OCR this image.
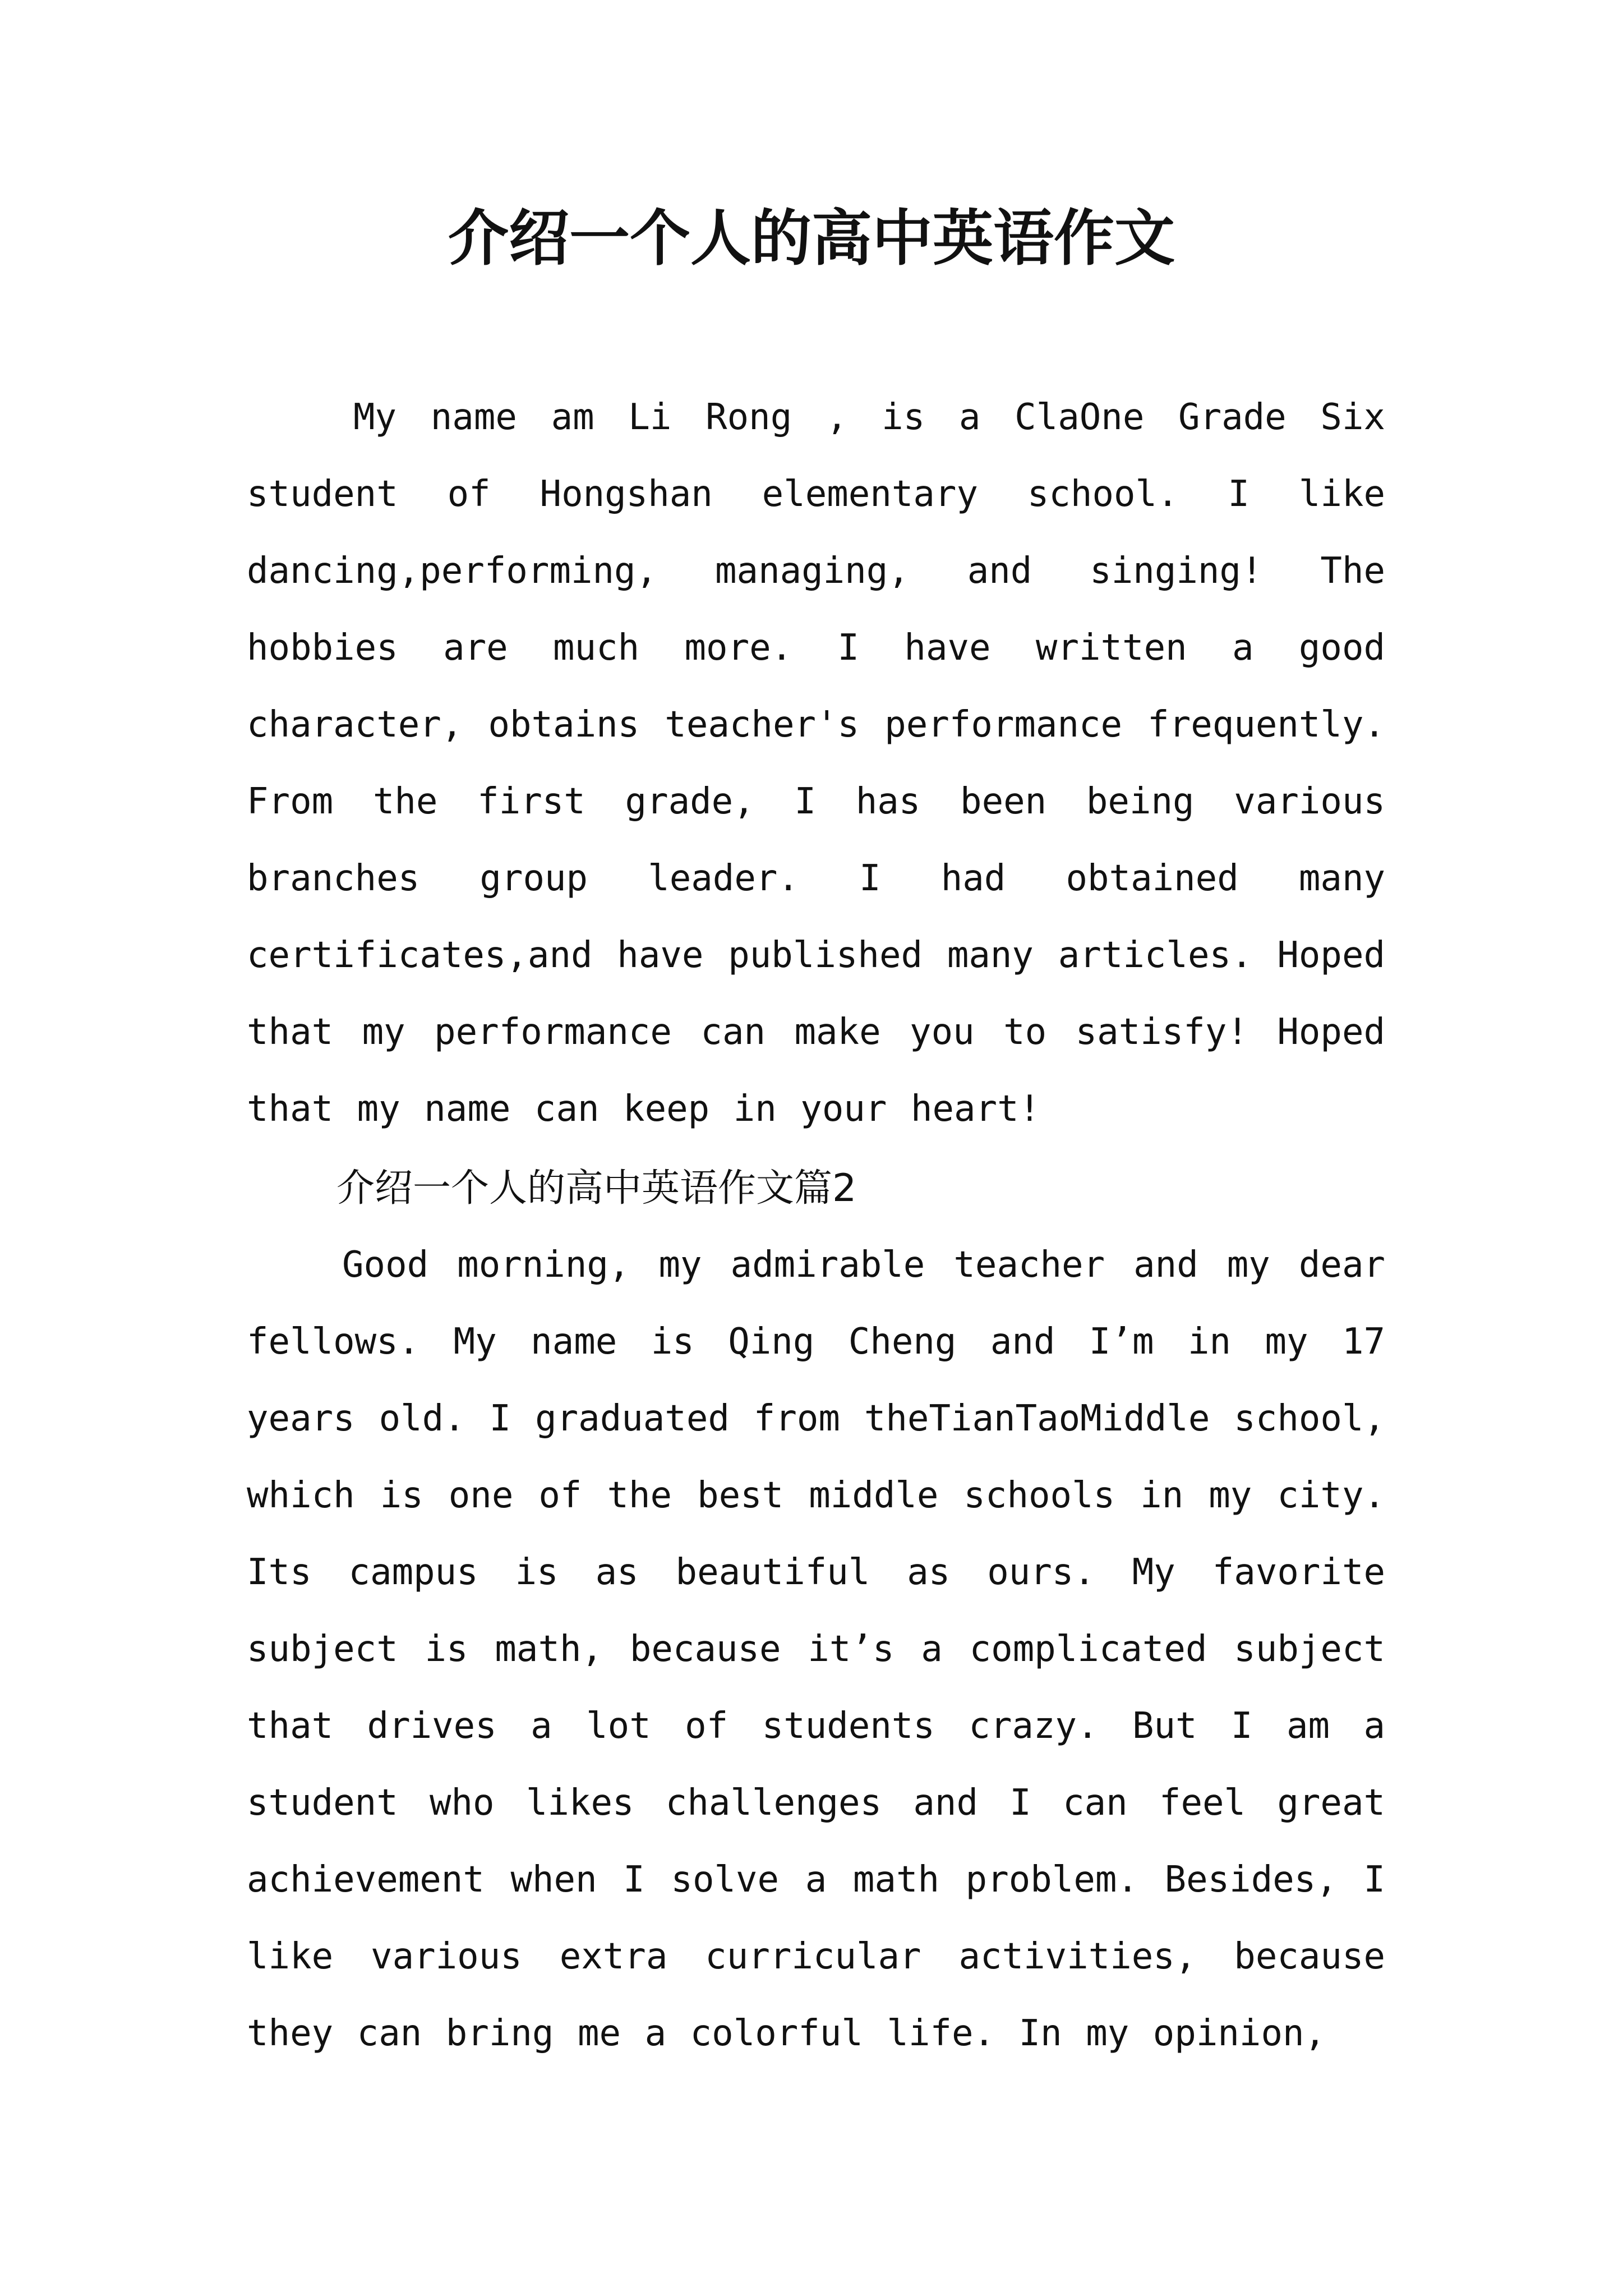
介绍一个人的高中英语作文

My name am Li Rong , is a ClaOne Grade Six student of Hongshan elementary school. I like dancing,performing, managing, and singing! The hobbies are much more. I have written a good character, obtains teacher's performance frequently. From the first grade, I has been being various branches group leader. I had obtained many certificates,and have published many articles. Hoped that my performance can make you to satisfy! Hoped that my name can keep in your heart!

介绍一个人的高中英语作文篇2

Good morning, my admirable teacher and my dear fellows. My name is Qing Cheng and I’m in my 17 years old. I graduated from theTianTaoMiddle school, which is one of the best middle schools in my city. Its campus is as beautiful as ours. My favorite subject is math, because it’s a complicated subject that drives a lot of students crazy. But I am a student who likes challenges and I can feel great achievement when I solve a math problem. Besides, I like various extra curricular activities, because they can bring me a colorful life. In my opinion,
